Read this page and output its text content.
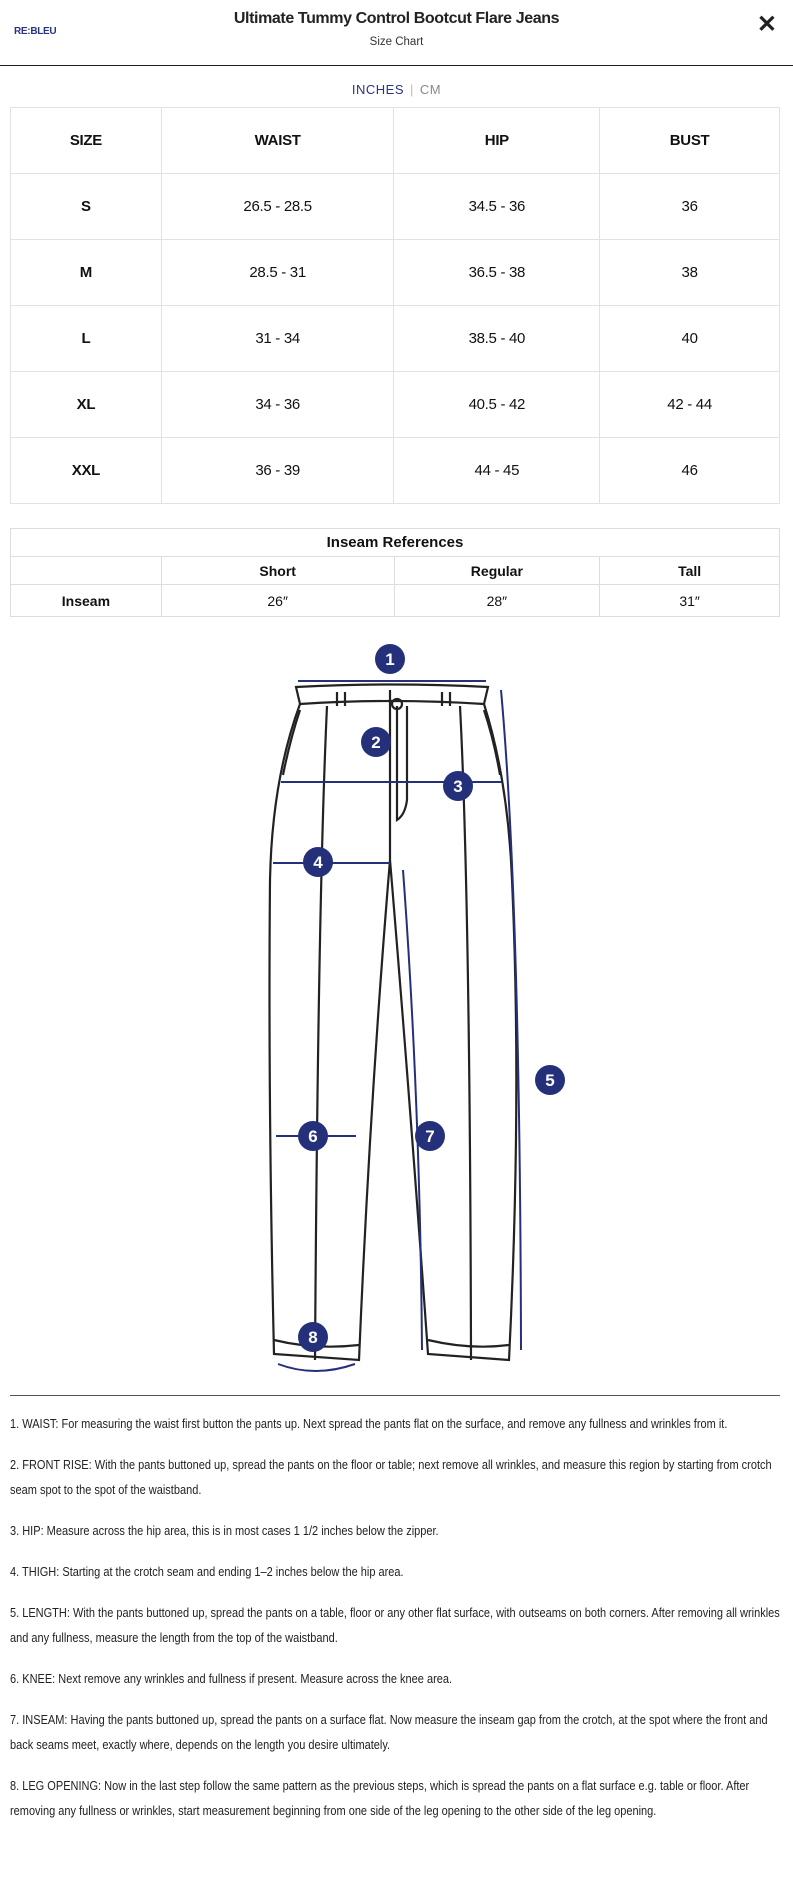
RE:BLEU
Ultimate Tummy Control Bootcut Flare Jeans
Size Chart
✕
INCHES | CM
SIZE	WAIST	HIP	BUST
S	26.5 - 28.5	34.5 - 36	36
M	28.5 - 31	36.5 - 38	38
L	31 - 34	38.5 - 40	40
XL	34 - 36	40.5 - 42	42 - 44
XXL	36 - 39	44 - 45	46
Inseam References			
	Short	Regular	Tall
Inseam	26″	28″	31″
1
2
3
4
5
6	7
8

1. WAIST: For measuring the waist first button the pants up. Next spread the pants flat on the surface, and remove any fullness and wrinkles from it.

2. FRONT RISE: With the pants buttoned up, spread the pants on the floor or table; next remove all wrinkles, and measure this region by starting from crotch seam spot to the spot of the waistband.

3. HIP: Measure across the hip area, this is in most cases 1 1/2 inches below the zipper.

4. THIGH: Starting at the crotch seam and ending 1–2 inches below the hip area.

5. LENGTH: With the pants buttoned up, spread the pants on a table, floor or any other flat surface, with outseams on both corners. After removing all wrinkles and any fullness, measure the length from the top of the waistband.

6. KNEE: Next remove any wrinkles and fullness if present. Measure across the knee area.

7. INSEAM: Having the pants buttoned up, spread the pants on a surface flat. Now measure the inseam gap from the crotch, at the spot where the front and back seams meet, exactly where, depends on the length you desire ultimately.

8. LEG OPENING: Now in the last step follow the same pattern as the previous steps, which is spread the pants on a flat surface e.g. table or floor. After removing any fullness or wrinkles, start measurement beginning from one side of the leg opening to the other side of the leg opening.
